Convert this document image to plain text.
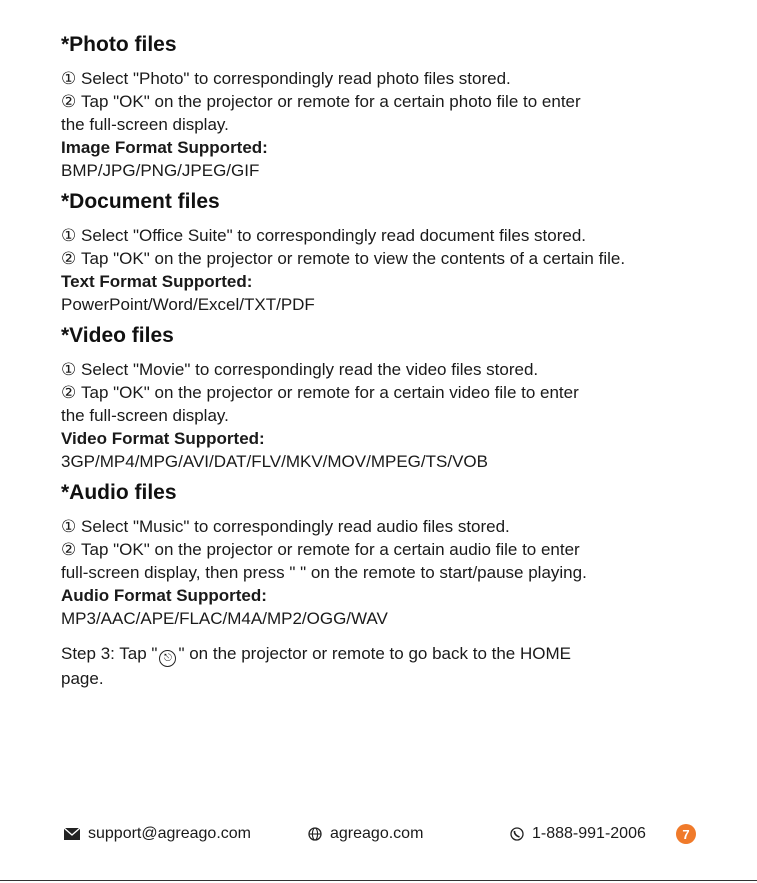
*Photo files

① Select "Photo" to correspondingly read photo files stored.

② Tap "OK" on the projector or remote for a certain photo file to enter

the full-screen display.

Image Format Supported:

BMP/JPG/PNG/JPEG/GIF

*Document files

① Select "Office Suite" to correspondingly read document files stored.

② Tap "OK" on the projector or remote to view the contents of a certain file.

Text Format Supported:

PowerPoint/Word/Excel/TXT/PDF

*Video files

① Select "Movie" to correspondingly read the video files stored.

② Tap "OK" on the projector or remote for a certain video file to enter

the full-screen display.

Video Format Supported:

3GP/MP4/MPG/AVI/DAT/FLV/MKV/MOV/MPEG/TS/VOB

*Audio files

① Select "Music" to correspondingly read audio files stored.

② Tap "OK" on the projector or remote for a certain audio file to enter

full-screen display, then press " " on the remote to start/pause playing.

Audio Format Supported:

MP3/AAC/APE/FLAC/M4A/MP2/OGG/WAV

Step 3: Tap " ⎋ " on the projector or remote to go back to the HOME
page.
support@agreago.com	agreago.com	1-888-991-2006	7
